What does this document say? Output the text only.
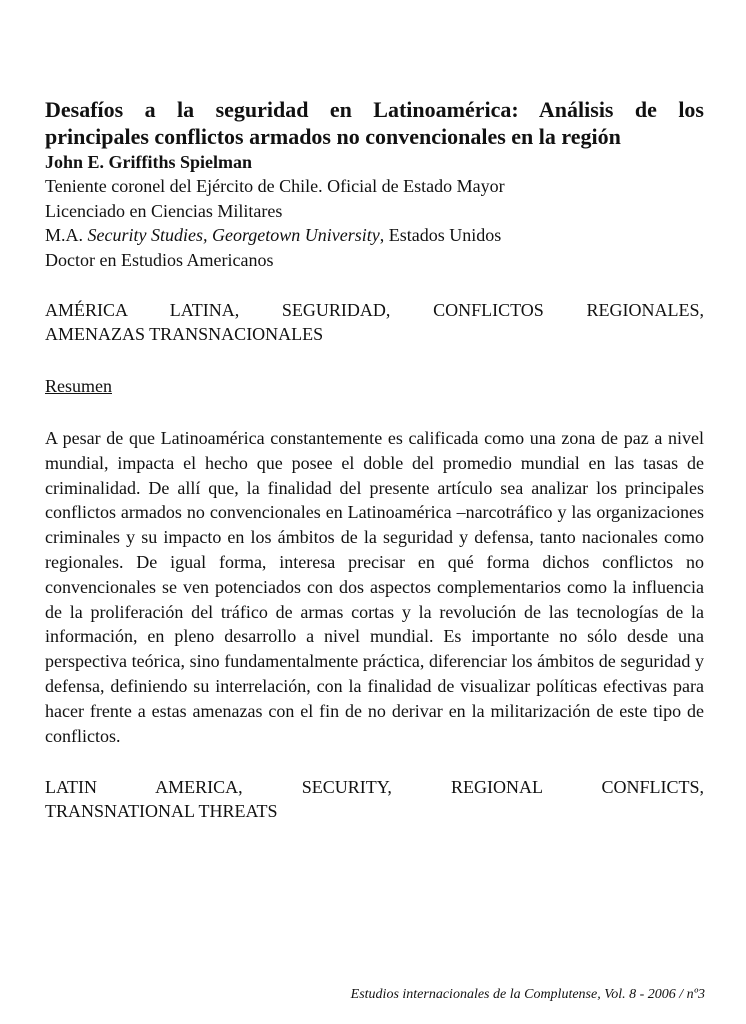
Desafíos a la seguridad en Latinoamérica: Análisis de los
principales conflictos armados no convencionales en la región

John E. Griffiths Spielman

Teniente coronel del Ejército de Chile. Oficial de Estado Mayor
Licenciado en Ciencias Militares
M.A. Security Studies, Georgetown University, Estados Unidos
Doctor en Estudios Americanos
AMÉRICA LATINA, SEGURIDAD, CONFLICTOS REGIONALES,
AMENAZAS TRANSNACIONALES
Resumen

A pesar de que Latinoamérica constantemente es calificada como una zona de paz a nivel mundial, impacta el hecho que posee el doble del promedio mundial en las tasas de criminalidad. De allí que, la finalidad del presente artículo sea analizar los principales conflictos armados no convencionales en Latinoamérica –narcotráfico y las organizaciones criminales y su impacto en los ámbitos de la seguridad y defensa, tanto nacionales como regionales. De igual forma, interesa precisar en qué forma dichos conflictos no convencionales se ven potenciados con dos aspectos complementarios como la influencia de la proliferación del tráfico de armas cortas y la revolución de las tecnologías de la información, en pleno desarrollo a nivel mundial. Es importante no sólo desde una perspectiva teórica, sino fundamentalmente práctica, diferenciar los ámbitos de seguridad y defensa, definiendo su interrelación, con la finalidad de visualizar políticas efectivas para hacer frente a estas amenazas con el fin de no derivar en la militarización de este tipo de conflictos.

LATIN AMERICA, SECURITY, REGIONAL CONFLICTS,
TRANSNATIONAL THREATS
Estudios internacionales de la Complutense, Vol. 8 - 2006 / nº3
